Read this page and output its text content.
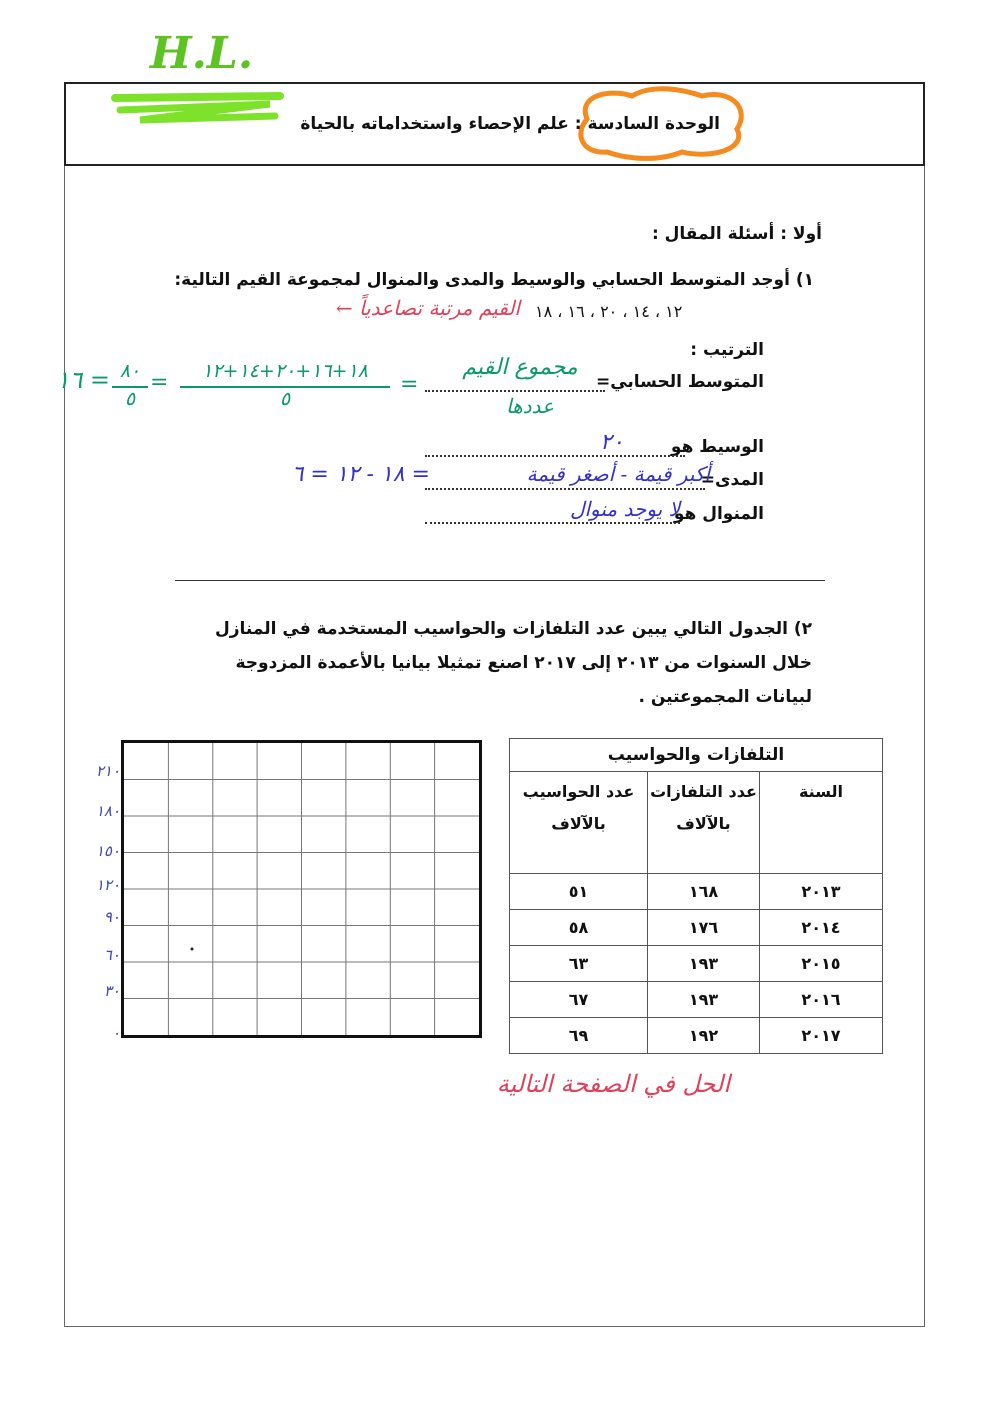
H.L.
الوحدة السادسة : علم الإحصاء واستخداماته بالحياة
أولا : أسئلة المقال :
١) أوجد المتوسط الحسابي والوسيط والمدى والمنوال لمجموعة القيم التالية:
١٢ ، ١٤ ، ٢٠ ، ١٦ ، ١٨
القيم مرتبة تصاعدياً ←
الترتيب :
المتوسط الحسابي=
مجموع القيم
عددها
=
١٨+١٦+٢٠+١٤+١٢
٥
=
٨٠
٥
= ١٦
الوسيط هو
٢٠
المدى=
أكبر قيمة - أصغر قيمة
= ١٨ - ١٢ = ٦
المنوال هو
لا يوجد منوال
٢) الجدول التالي يبين عدد التلفازات والحواسيب المستخدمة في المنازل خلال السنوات من ٢٠١٣ إلى ٢٠١٧ اصنع تمثيلا بيانيا بالأعمدة المزدوجة لبيانات المجموعتين .
٢١٠
١٨٠
١٥٠
١٢٠
٩٠
٦٠
٣٠
٠
التلفازات والحواسيب		
السنة	عدد التلفازات بالآلاف	عدد الحواسيب بالآلاف
٢٠١٣	١٦٨	٥١
٢٠١٤	١٧٦	٥٨
٢٠١٥	١٩٣	٦٣
٢٠١٦	١٩٣	٦٧
٢٠١٧	١٩٢	٦٩
الحل في الصفحة التالية
